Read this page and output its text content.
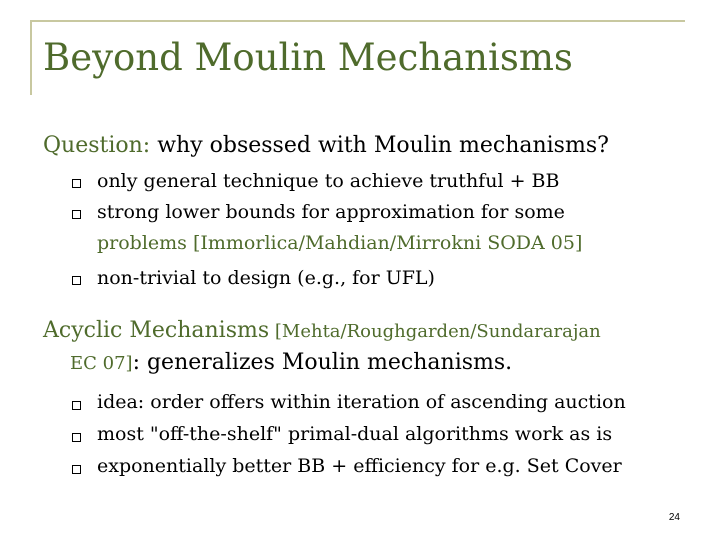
Beyond Moulin Mechanisms
Question: why obsessed with Moulin mechanisms?
only general technique to achieve truthful + BB
strong lower bounds for approximation for some
problems [Immorlica/Mahdian/Mirrokni SODA 05]
non-trivial to design (e.g., for UFL)
Acyclic Mechanisms [Mehta/Roughgarden/Sundararajan
EC 07]: generalizes Moulin mechanisms.
idea: order offers within iteration of ascending auction
most "off-the-shelf" primal-dual algorithms work as is
exponentially better BB + efficiency for e.g. Set Cover
24
